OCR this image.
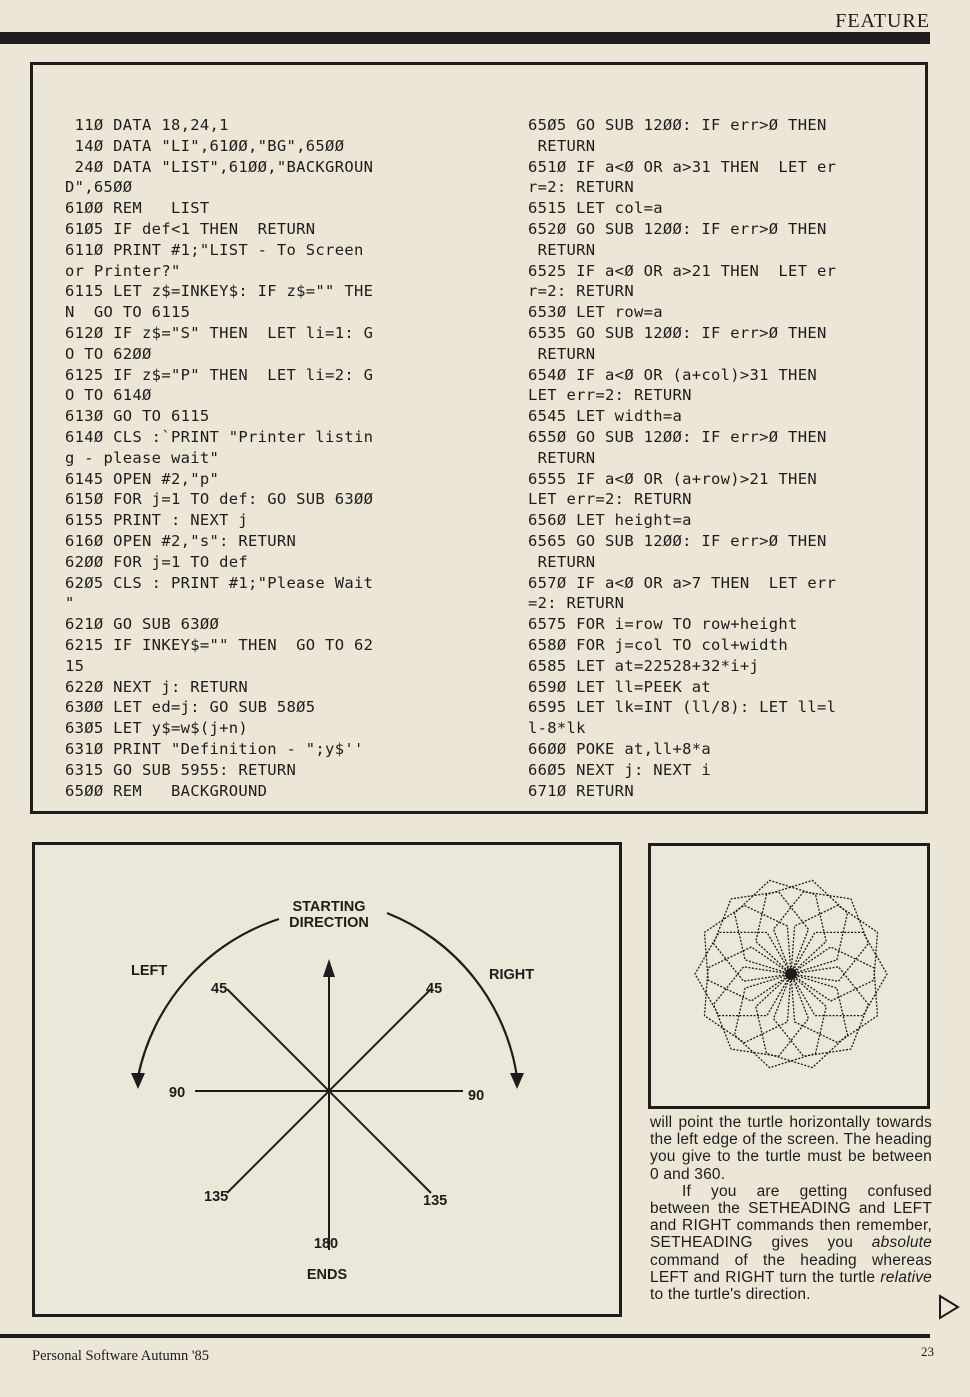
FEATURE
11Ø DATA 18,24,1
14Ø DATA "LI",61ØØ,"BG",65ØØ
24Ø DATA "LIST",61ØØ,"BACKGROUN
D",65ØØ
61ØØ REM   LIST
61Ø5 IF def<1 THEN  RETURN
611Ø PRINT #1;"LIST - To Screen
or Printer?"
6115 LET z$=INKEY$: IF z$="" THE
N  GO TO 6115
612Ø IF z$="S" THEN  LET li=1: G
O TO 62ØØ
6125 IF z$="P" THEN  LET li=2: G
O TO 614Ø
613Ø GO TO 6115
614Ø CLS :`PRINT "Printer listin
g - please wait"
6145 OPEN #2,"p"
615Ø FOR j=1 TO def: GO SUB 63ØØ
6155 PRINT : NEXT j
616Ø OPEN #2,"s": RETURN
62ØØ FOR j=1 TO def
62Ø5 CLS : PRINT #1;"Please Wait
"
621Ø GO SUB 63ØØ
6215 IF INKEY$="" THEN  GO TO 62
15
622Ø NEXT j: RETURN
63ØØ LET ed=j: GO SUB 58Ø5
63Ø5 LET y$=w$(j+n)
631Ø PRINT "Definition - ";y$''
6315 GO SUB 5955: RETURN
65ØØ REM   BACKGROUND
65Ø5 GO SUB 12ØØ: IF err>Ø THEN
RETURN
651Ø IF a<Ø OR a>31 THEN  LET er
r=2: RETURN
6515 LET col=a
652Ø GO SUB 12ØØ: IF err>Ø THEN
RETURN
6525 IF a<Ø OR a>21 THEN  LET er
r=2: RETURN
653Ø LET row=a
6535 GO SUB 12ØØ: IF err>Ø THEN
RETURN
654Ø IF a<Ø OR (a+col)>31 THEN
LET err=2: RETURN
6545 LET width=a
655Ø GO SUB 12ØØ: IF err>Ø THEN
RETURN
6555 IF a<Ø OR (a+row)>21 THEN
LET err=2: RETURN
656Ø LET height=a
6565 GO SUB 12ØØ: IF err>Ø THEN
RETURN
657Ø IF a<Ø OR a>7 THEN  LET err
=2: RETURN
6575 FOR i=row TO row+height
658Ø FOR j=col TO col+width
6585 LET at=22528+32*i+j
659Ø LET ll=PEEK at
6595 LET lk=INT (ll/8): LET ll=l
l-8*lk
66ØØ POKE at,ll+8*a
66Ø5 NEXT j: NEXT i
671Ø RETURN
STARTING
DIRECTION
LEFT	RIGHT
45	45
90	90
135	135
180
ENDS

will point the turtle horizontally towards the left edge of the screen. The heading you give to the turtle must be between 0 and 360.

If you are getting confused between the SETHEADING and LEFT and RIGHT commands then remember, SETHEADING gives you absolute command of the heading whereas LEFT and RIGHT turn the turtle relative to the turtle's direction.

Personal Software Autumn '85	23
